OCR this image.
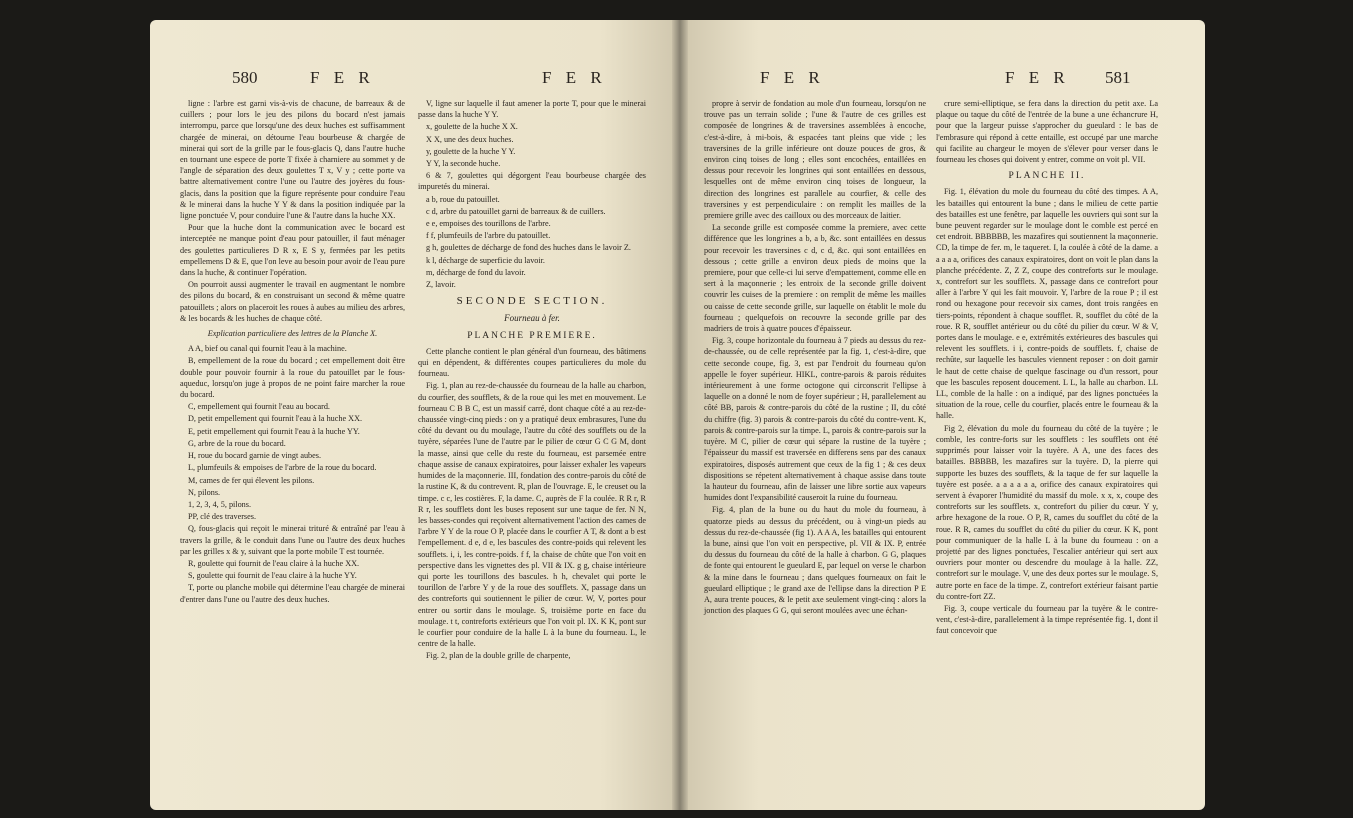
580	F E R	F E R

ligne : l'arbre est garni vis-à-vis de chacune, de barreaux & de cuillers ; pour lors le jeu des pilons du bocard n'est jamais interrompu, parce que lorsqu'une des deux huches est suffisamment chargée de minerai, on détourne l'eau bourbeuse & chargée de minerai qui sort de la grille par le fous-glacis Q, dans l'autre huche en tournant une espece de porte T fixée à charniere au sommet y de l'angle de séparation des deux goulettes T x, V y ; cette porte va battre alternativement contre l'une ou l'autre des joyères du fous-glacis, dans la position que la figure représente pour conduire l'eau & le minerai dans la huche Y Y & dans la position indiquée par la ligne ponctuée V, pour conduire l'une & l'autre dans la huche XX.

Pour que la huche dont la communication avec le bocard est interceptée ne manque point d'eau pour patouiller, il faut ménager des goulettes particulieres D R x, E S y, fermées par les petits empellemens D & E, que l'on leve au besoin pour avoir de l'eau pure dans la huche, & continuer l'opération.

On pourroit aussi augmenter le travail en augmentant le nombre des pilons du bocard, & en construisant un second & même quatre patouillets ; alors on placeroit les roues à aubes au milieu des arbres, & les bocards & les huches de chaque côté.

Explication particuliere des lettres de la Planche X.

A A, bief ou canal qui fournit l'eau à la machine.

B, empellement de la roue du bocard ; cet empellement doit être double pour pouvoir fournir à la roue du patouillet par le fous-aqueduc, lorsqu'on juge à propos de ne point faire marcher la roue du bocard.

C, empellement qui fournit l'eau au bocard.

D, petit empellement qui fournit l'eau à la huche XX.

E, petit empellement qui fournit l'eau à la huche YY.

G, arbre de la roue du bocard.

H, roue du bocard garnie de vingt aubes.

L, plumfeuils & empoises de l'arbre de la roue du bocard.

M, cames de fer qui élevent les pilons.

N, pilons.

1, 2, 3, 4, 5, pilons.

PP, clé des traverses.

Q, fous-glacis qui reçoit le minerai trituré & entraîné par l'eau à travers la grille, & le conduit dans l'une ou l'autre des deux huches par les grilles x & y, suivant que la porte mobile T est tournée.

R, goulette qui fournit de l'eau claire à la huche XX.

S, goulette qui fournit de l'eau claire à la huche YY.

T, porte ou planche mobile qui détermine l'eau chargée de minerai d'entrer dans l'une ou l'autre des deux huches.

V, ligne sur laquelle il faut amener la porte T, pour que le minerai passe dans la huche Y Y.

x, goulette de la huche X X.

X X, une des deux huches.

y, goulette de la huche Y Y.

Y Y, la seconde huche.

6 & 7, goulettes qui dégorgent l'eau bourbeuse chargée des impuretés du minerai.

a b, roue du patouillet.

c d, arbre du patouillet garni de barreaux & de cuillers.

e e, empoises des tourillons de l'arbre.

f f, plumfeuils de l'arbre du patouillet.

g h, goulettes de décharge de fond des huches dans le lavoir Z.

k l, décharge de superficie du lavoir.

m, décharge de fond du lavoir.

Z, lavoir.

SECONDE SECTION.
Fourneau à fer.
PLANCHE PREMIERE.

Cette planche contient le plan général d'un fourneau, des bâtimens qui en dépendent, & différentes coupes particulieres du mole du fourneau.

Fig. 1, plan au rez-de-chaussée du fourneau de la halle au charbon, du courfier, des soufflets, & de la roue qui les met en mouvement. Le fourneau C B B C, est un massif carré, dont chaque côté a au rez-de-chaussée vingt-cinq pieds : on y a pratiqué deux embrasures, l'une du côté du devant ou du moulage, l'autre du côté des soufflets ou de la tuyère, séparées l'une de l'autre par le pilier de cœur G C G M, dont la masse, ainsi que celle du reste du fourneau, est parsemée entre chaque assise de canaux expiratoires, pour laisser exhaler les vapeurs humides de la maçonnerie. III, fondation des contre-parois du côté de la rustine K, & du contrevent. R, plan de l'ouvrage. E, le creuset ou la timpe. c c, les costières. F, la dame. C, auprès de F la coulée. R R r, R R r, les soufflets dont les buses reposent sur une taque de fer. N N, les basses-condes qui reçoivent alternativement l'action des cames de l'arbre Y Y de la roue O P, placée dans le courfier A T, & dont a b est l'empellement. d e, d e, les bascules des contre-poids qui relevent les soufflets. i, i, les contre-poids. f f, la chaise de chûte que l'on voit en perspective dans les vignettes des pl. VII & IX. g g, chaise intérieure qui porte les tourillons des bascules. h h, chevalet qui porte le tourillon de l'arbre Y y de la roue des soufflets. X, passage dans un des contreforts qui soutiennent le pilier de cœur. W, V, portes pour entrer ou sortir dans le moulage. S, troisième porte en face du moulage. t t, contreforts extérieurs que l'on voit pl. IX. K K, pont sur le courfier pour conduire de la halle L à la bune du fourneau. L, le centre de la halle.

Fig. 2, plan de la double grille de charpente,

F E R	F E R 581

propre à servir de fondation au mole d'un fourneau, lorsqu'on ne trouve pas un terrain solide ; l'une & l'autre de ces grilles est composée de longrines & de traversines assemblées à encoche, c'est-à-dire, à mi-bois, & espacées tant pleins que vide ; les traversines de la grille inférieure ont douze pouces de gros, & environ cinq toises de long ; elles sont encochées, entaillées en dessus pour recevoir les longrines qui sont entaillées en dessous, lesquelles ont de même environ cinq toises de longueur, la direction des longrines est parallele au courfier, & celle des traversines y est perpendiculaire : on remplit les mailles de la premiere grille avec des cailloux ou des morceaux de laitier.

La seconde grille est composée comme la premiere, avec cette différence que les longrines a b, a b, &c. sont entaillées en dessus pour recevoir les traversines c d, c d, &c. qui sont entaillées en dessous ; cette grille a environ deux pieds de moins que la premiere, pour que celle-ci lui serve d'empattement, comme elle en sert à la maçonnerie ; les entroix de la seconde grille doivent couvrir les cuises de la premiere : on remplit de même les mailles ou caisse de cette seconde grille, sur laquelle on établit le mole du fourneau ; quelquefois on recouvre la seconde grille par des madriers de trois à quatre pouces d'épaisseur.

Fig. 3, coupe horizontale du fourneau à 7 pieds au dessus du rez-de-chaussée, ou de celle représentée par la fig. 1, c'est-à-dire, que cette seconde coupe, fig. 3, est par l'endroit du fourneau qu'on appelle le foyer supérieur. HIKL, contre-parois & parois réduites intérieurement à une forme octogone qui circonscrit l'ellipse à laquelle on a donné le nom de foyer supérieur ; H, parallelement au côté BB, parois & contre-parois du côté de la rustine ; II, du côté du chiffre (fig. 3) parois & contre-parois du côté du contre-vent. K, parois & contre-parois sur la timpe. L, parois & contre-parois sur la tuyère. M C, pilier de cœur qui sépare la rustine de la tuyère ; l'épaisseur du massif est traversée en differens sens par des canaux expiratoires, disposés autrement que ceux de la fig 1 ; & ces deux dispositions se répetent alternativement à chaque assise dans toute la hauteur du fourneau, afin de laisser une libre sortie aux vapeurs humides dont l'expansibilité causeroit la ruine du fourneau.

Fig. 4, plan de la bune ou du haut du mole du fourneau, à quatorze pieds au dessus du précédent, ou à vingt-un pieds au dessus du rez-de-chaussée (fig 1). A A A, les batailles qui entourent la bune, ainsi que l'on voit en perspective, pl. VII & IX. P, entrée du dessus du fourneau du côté de la halle à charbon. G G, plaques de fonte qui entourent le gueulard E, par lequel on verse le charbon & la mine dans le fourneau ; dans quelques fourneaux on fait le gueulard elliptique ; le grand axe de l'ellipse dans la direction P E A, aura trente pouces, & le petit axe seulement vingt-cinq : alors la jonction des plaques G G, qui seront moulées avec une échan-

crure semi-elliptique, se fera dans la direction du petit axe. La plaque ou taque du côté de l'entrée de la bune a une échancrure H, pour que la largeur puisse s'approcher du gueulard : le bas de l'embrasure qui répond à cette entaille, est occupé par une marche qui facilite au chargeur le moyen de s'élever pour verser dans le fourneau les choses qui doivent y entrer, comme on voit pl. VII.

PLANCHE II.

Fig. 1, élévation du mole du fourneau du côté des timpes. A A, les batailles qui entourent la bune ; dans le milieu de cette partie des batailles est une fenêtre, par laquelle les ouvriers qui sont sur la bune peuvent regarder sur le moulage dont le comble est percé en cet endroit. BBBBBB, les mazafires qui soutiennent la maçonnerie. CD, la timpe de fer. m, le taqueret. I, la coulée à côté de la dame. a a a a a, orifices des canaux expiratoires, dont on voit le plan dans la planche précédente. Z, Z Z, coupe des contreforts sur le moulage. x, contrefort sur les soufflets. X, passage dans ce contrefort pour aller à l'arbre Y qui les fait mouvoir. Y, l'arbre de la roue P ; il est rond ou hexagone pour recevoir six cames, dont trois rangées en tiers-points, répondent à chaque soufflet. R, soufflet du côté de la roue. R R, soufflet antérieur ou du côté du pilier du cœur. W & V, portes dans le moulage. e e, extrémités extérieures des bascules qui relevent les soufflets. i i, contre-poids de soufflets. f, chaise de rechûte, sur laquelle les bascules viennent reposer : on doit garnir le haut de cette chaise de quelque fascinage ou d'un ressort, pour que les bascules reposent doucement. L L, la halle au charbon. LL LL, comble de la halle : on a indiqué, par des lignes ponctuées la situation de la roue, celle du courfier, placés entre le fourneau & la halle.

Fig 2, élévation du mole du fourneau du côté de la tuyère ; le comble, les contre-forts sur les soufflets : les soufflets ont été supprimés pour laisser voir la tuyère. A A, une des faces des batailles. BBBBB, les mazafires sur la tuyère. D, la pierre qui supporte les buzes des soufflets, & la taque de fer sur laquelle la tuyère est posée. a a a a a a, orifice des canaux expiratoires qui servent à évaporer l'humidité du massif du mole. x x, x, coupe des contreforts sur les soufflets. x, contrefort du pilier du cœur. Y y, arbre hexagone de la roue. O P, R, cames du soufflet du côté de la roue. R R, cames du soufflet du côté du pilier du cœur. K K, pont pour communiquer de la halle L à la bune du fourneau : on a projetté par des lignes ponctuées, l'escalier antérieur qui sert aux ouvriers pour monter ou descendre du moulage à la halle. ZZ, contrefort sur le moulage. V, une des deux portes sur le moulage. S, autre porte en face de la timpe. Z, contrefort extérieur faisant partie du contre-fort ZZ.

Fig. 3, coupe verticale du fourneau par la tuyère & le contre-vent, c'est-à-dire, parallelement à la timpe représentée fig. 1, dont il faut concevoir que
